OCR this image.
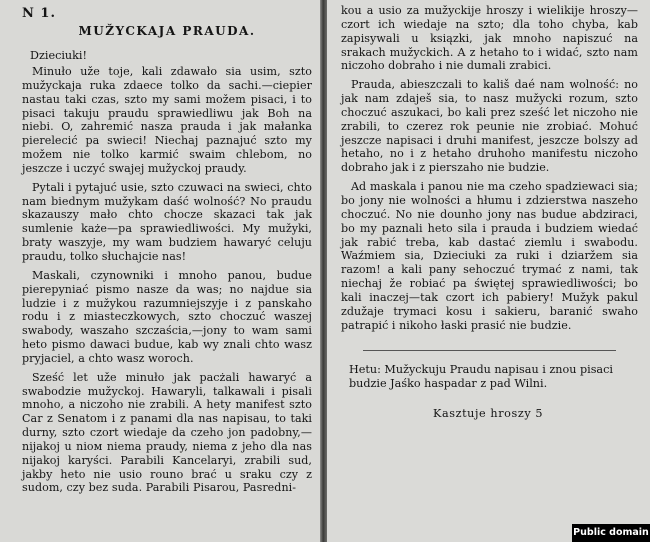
N 1.
MUŽYCKAJA PRAUDA.
Dzieciuki!

Minuło uže toje, kali zdawało sia usim, szto mužyckaja ruka zdaece tolko da sachi.—ciepier nastau taki czas, szto my sami možem pisaci, i to pisaci takuju praudu sprawiedliwu jak Boh na niebi. O, zahremić nasza prauda i jak małanka pierelecić pa swieci! Niechaj paznajuć szto my možem nie tolko karmić swaim chlebom, no jeszcze i uczyć swajej mužyckoj praudy.

Pytali i pytajuć usie, szto czuwaci na swieci, chto nam biednym mužykam daść wolność? No praudu skazauszy mało chto chocze skazaci tak jak sumlenie każe—pa sprawiedliwości. My mužyki, braty waszyje, my wam budziem hawaryć celuju praudu, tolko słuchajcie nas!

Maskali, czynowniki i mnoho panou, budue pierepyniać pismo nasze da was; no najdue sia ludzie i z mužykou razumniejszyje i z panskaho rodu i z miasteczkowych, szto choczuć waszej swabody, waszaho szczaścia,—jony to wam sami heto pismo dawaci budue, kab wy znali chto wasz pryjaciel, a chto wasz woroch.

Sześć let uže minuło jak pacżali hawaryć a swabodzie mužyckoj. Hawaryli, talkawali i pisali mnoho, a niczoho nie zrabili. A hety manifest szto Car z Senatom i z panami dla nas napisau, to taki durny, szto czort wiedaje da czeho jon padobny,—niјakoj u nioм niema praudy, niema z jeho dla nas nijakoj karyści. Parabili Kancelaryi, zrabili sud, jakby heto nie usio rouno brać u sraku czy z sudom, czy bez suda. Parabili Pisarou, Pasredni-

kou a usio za mužyckije hroszy i wielikije hroszy—czort ich wiedaje na szto; dla toho chyba, kab zapisywali u ksiązki, jak mnoho napiszuć na srakach mužyckich. A z hetaho to i widać, szto nam niczoho dobraho i nie dumali zrabici.

Prauda, abieszczali to kališ daé nam wolność: no jak nam zdaješ sia, to nasz mužycki rozum, szto choczuć aszukaci, bo kali prez sześć let niczoho nie zrabili, to czerez rok peunie nie zrobiać. Mohuć jeszcze napisaci i druhi manifest, jeszcze bolszy ad hetaho, no i z hetaho druhoho manifestu niczoho dobraho jak i z pierszaho nie budzie.

Ad maskala i panou nie ma czeho spadziewaci sia; bo jony nie wolności a hłumu i zdzierstwa naszeho choczuć. No nie dounho jony nas budue abdziraci, bo my paznali heto sila i prauda i budziem wiedać jak rabić treba, kab dastać ziemlu i swabodu. Waźmiem sia, Dzieciuki za ruki i dziaržem sia razom! a kali pany sehoczuć trymać z nami, tak niechaj že robiać pa świętej sprawiedliwości; bo kali inaczej—tak czort ich pabiery! Mužyk pakul zdužaje trymaci kosu i sakieru, baranić swaho patrapić i nikoho łaski prasić nie budzie.

Hetu: Mužyckuju Praudu napisau i znou pisaci budzie Jaśko haspadar z pad Wilni.
Kasztuje hroszy 5
Public domain
